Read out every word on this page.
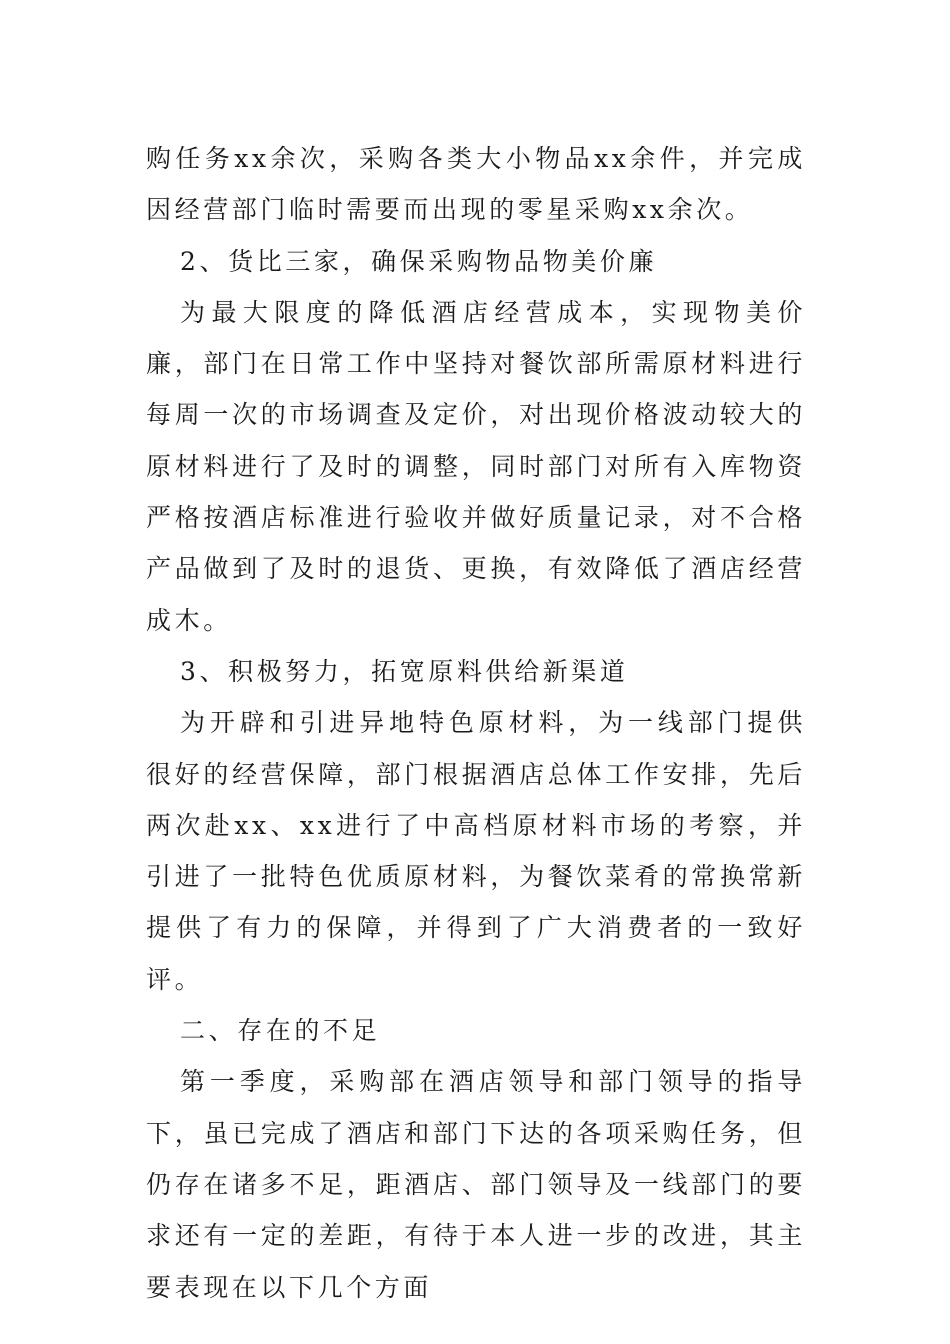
购任务xx余次，采购各类大小物品xx余件，并完成因经营部门临时需要而出现的零星采购xx余次。

2、货比三家，确保采购物品物美价廉

为最大限度的降低酒店经营成本，实现物美价廉，部门在日常工作中坚持对餐饮部所需原材料进行每周一次的市场调查及定价，对出现价格波动较大的原材料进行了及时的调整，同时部门对所有入库物资严格按酒店标准进行验收并做好质量记录，对不合格产品做到了及时的退货、更换，有效降低了酒店经营成木。

3、积极努力，拓宽原料供给新渠道

为开辟和引进异地特色原材料，为一线部门提供很好的经营保障，部门根据酒店总体工作安排，先后 两次赴xx、xx进行了中高档原材料市场的考察，并引进了一批特色优质原材料，为餐饮菜肴的常换常新提供了有力的保障，并得到了广大消费者的一致好评。

二、存在的不足

第一季度，采购部在酒店领导和部门领导的指导下，虽已完成了酒店和部门下达的各项采购任务，但仍存在诸多不足，距酒店、部门领导及一线部门的要求还有一定的差距，有待于本人进一步的改进，其主要表现在以下几个方面
